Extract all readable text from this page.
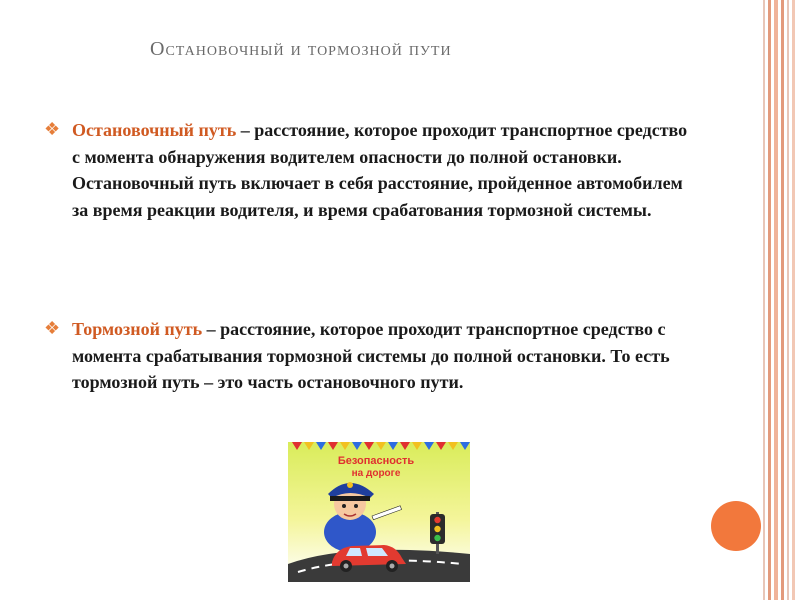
Остановочный и тормозной пути
❖ Остановочный путь – расстояние, которое проходит транспортное средство с момента обнаружения водителем опасности до полной остановки. Остановочный путь включает в себя расстояние, пройденное автомобилем за время реакции водителя, и время срабатования тормозной системы.
❖ Тормозной путь – расстояние, которое проходит транспортное средство с момента срабатывания тормозной системы до полной остановки. То есть тормозной путь – это часть остановочного пути.
Безопасность
на дороге
